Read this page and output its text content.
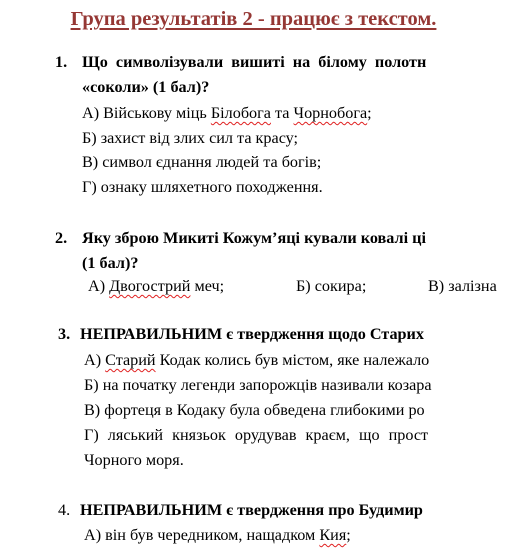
Група результатів 2 - працює з текстом.
1. Що символізували вишиті на білому полотн
«соколи» (1 бал)?
А) Військову міць Білобога та Чорнобога;
Б) захист від злих сил та красу;
В) символ єднання людей та богів;
Г) ознаку шляхетного походження.
2. Яку зброю Микиті Кожум’яці кували ковалі ці
(1 бал)?
А) Двогострий меч;	Б) сокира;	В) залізна
3. НЕПРАВИЛЬНИМ є твердження щодо Старих
А) Старий Кодак колись був містом, яке належало
Б) на початку легенди запорожців називали козара
В) фортеця в Кодаку була обведена глибокими ро
Г) ляський князьок орудував краєм, що прост
Чорного моря.
4. НЕПРАВИЛЬНИМ є твердження про Будимир
А) він був чередником, нащадком Кия;
